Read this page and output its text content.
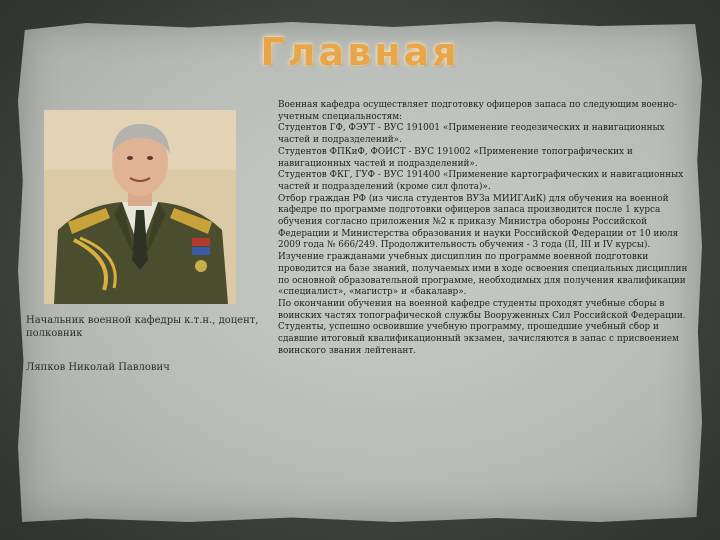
Главная
Начальник военной кафедры к.т.н., доцент, полковник
Ляпков Николай Павлович

Военная кафедра осуществляет подготовку офицеров запаса по следующим военно-учетным специальностям:

Студентов ГФ, ФЭУТ - ВУС 191001 «Применение геодезических и навигационных частей и подразделений».

Студентов ФПКиФ, ФОИСТ - ВУС 191002 «Применение топографических и навигационных частей и подразделений».

Студентов ФКГ, ГУФ - ВУС 191400 «Применение картографических и навигационных частей и подразделений (кроме сил флота)».

Отбор граждан РФ (из числа студентов ВУЗа МИИГАиК) для обучения на военной кафедре по программе подготовки офицеров запаса производится после 1 курса обучения согласно приложения №2 к приказу Министра обороны Российской Федерации и Министерства образования и науки Российской Федерации от 10 июля 2009 года № 666/249. Продолжительность обучения - 3 года (II, III и IV курсы).

Изучение гражданами учебных дисциплин по программе военной подготовки проводится на базе знаний, получаемых ими в ходе освоения специальных дисциплин по основной образовательной программе, необходимых для получения квалификации «специалист», «магистр» и «бакалавр».

По окончании обучения на военной кафедре студенты проходят учебные сборы в воинских частях топографической службы Вооруженных Сил Российской Федерации.

Студенты, успешно освоившие учебную программу, прошедшие учебный сбор и сдавшие итоговый квалификационный экзамен, зачисляются в запас с присвоением воинского звания лейтенант.
